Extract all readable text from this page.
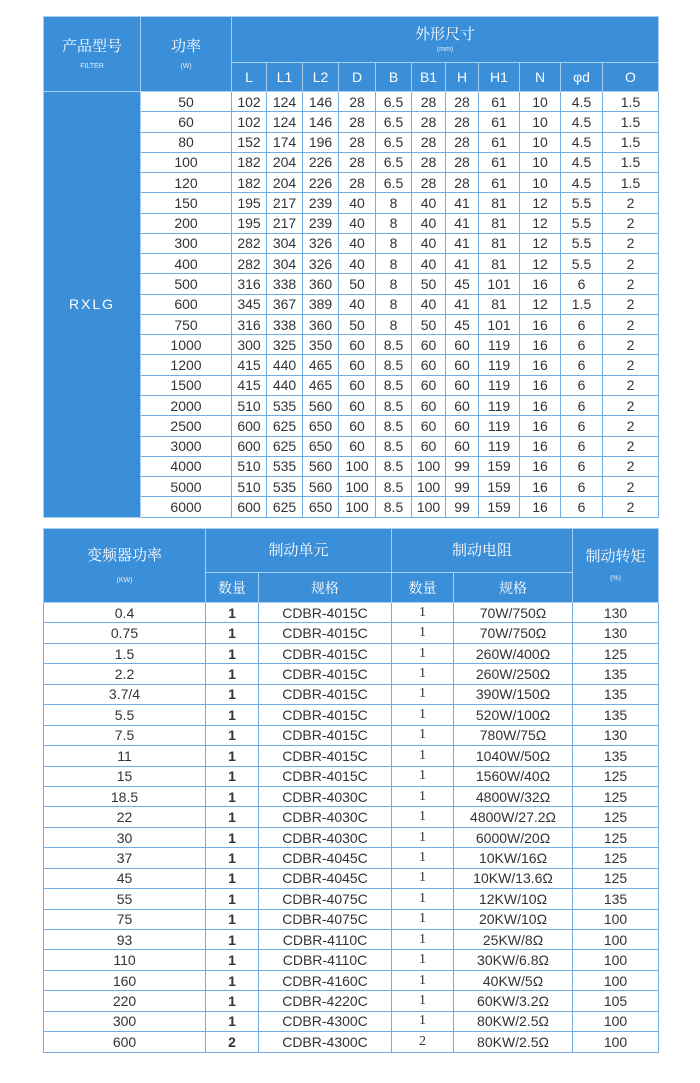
产品型号
FILTER	功率
(W)	外形尺寸
(mm)										

		L	L1	L2	D	B	B1	H	H1	N	φd	O
RXLG	50	102	124	146	28	6.5	28	28	61	10	4.5	1.5
	60	102	124	146	28	6.5	28	28	61	10	4.5	1.5
	80	152	174	196	28	6.5	28	28	61	10	4.5	1.5
	100	182	204	226	28	6.5	28	28	61	10	4.5	1.5
	120	182	204	226	28	6.5	28	28	61	10	4.5	1.5
	150	195	217	239	40	8	40	41	81	12	5.5	2
	200	195	217	239	40	8	40	41	81	12	5.5	2
	300	282	304	326	40	8	40	41	81	12	5.5	2
	400	282	304	326	40	8	40	41	81	12	5.5	2
	500	316	338	360	50	8	50	45	101	16	6	2
	600	345	367	389	40	8	40	41	81	12	1.5	2
	750	316	338	360	50	8	50	45	101	16	6	2
	1000	300	325	350	60	8.5	60	60	119	16	6	2
	1200	415	440	465	60	8.5	60	60	119	16	6	2
	1500	415	440	465	60	8.5	60	60	119	16	6	2
	2000	510	535	560	60	8.5	60	60	119	16	6	2
	2500	600	625	650	60	8.5	60	60	119	16	6	2
	3000	600	625	650	60	8.5	60	60	119	16	6	2
	4000	510	535	560	100	8.5	100	99	159	16	6	2
	5000	510	535	560	100	8.5	100	99	159	16	6	2
	6000	600	625	650	100	8.5	100	99	159	16	6	2
变频器功率
(KW)	制动单元		制动电阻		制动转矩
(%)

	数量	规格	数量	规格	
0.4	1	CDBR-4015C	1	70W/750Ω	130
0.75	1	CDBR-4015C	1	70W/750Ω	130
1.5	1	CDBR-4015C	1	260W/400Ω	125
2.2	1	CDBR-4015C	1	260W/250Ω	135
3.7/4	1	CDBR-4015C	1	390W/150Ω	135
5.5	1	CDBR-4015C	1	520W/100Ω	135
7.5	1	CDBR-4015C	1	780W/75Ω	130
11	1	CDBR-4015C	1	1040W/50Ω	135
15	1	CDBR-4015C	1	1560W/40Ω	125
18.5	1	CDBR-4030C	1	4800W/32Ω	125
22	1	CDBR-4030C	1	4800W/27.2Ω	125
30	1	CDBR-4030C	1	6000W/20Ω	125
37	1	CDBR-4045C	1	10KW/16Ω	125
45	1	CDBR-4045C	1	10KW/13.6Ω	125
55	1	CDBR-4075C	1	12KW/10Ω	135
75	1	CDBR-4075C	1	20KW/10Ω	100
93	1	CDBR-4110C	1	25KW/8Ω	100
110	1	CDBR-4110C	1	30KW/6.8Ω	100
160	1	CDBR-4160C	1	40KW/5Ω	100
220	1	CDBR-4220C	1	60KW/3.2Ω	105
300	1	CDBR-4300C	1	80KW/2.5Ω	100
600	2	CDBR-4300C	2	80KW/2.5Ω	100
